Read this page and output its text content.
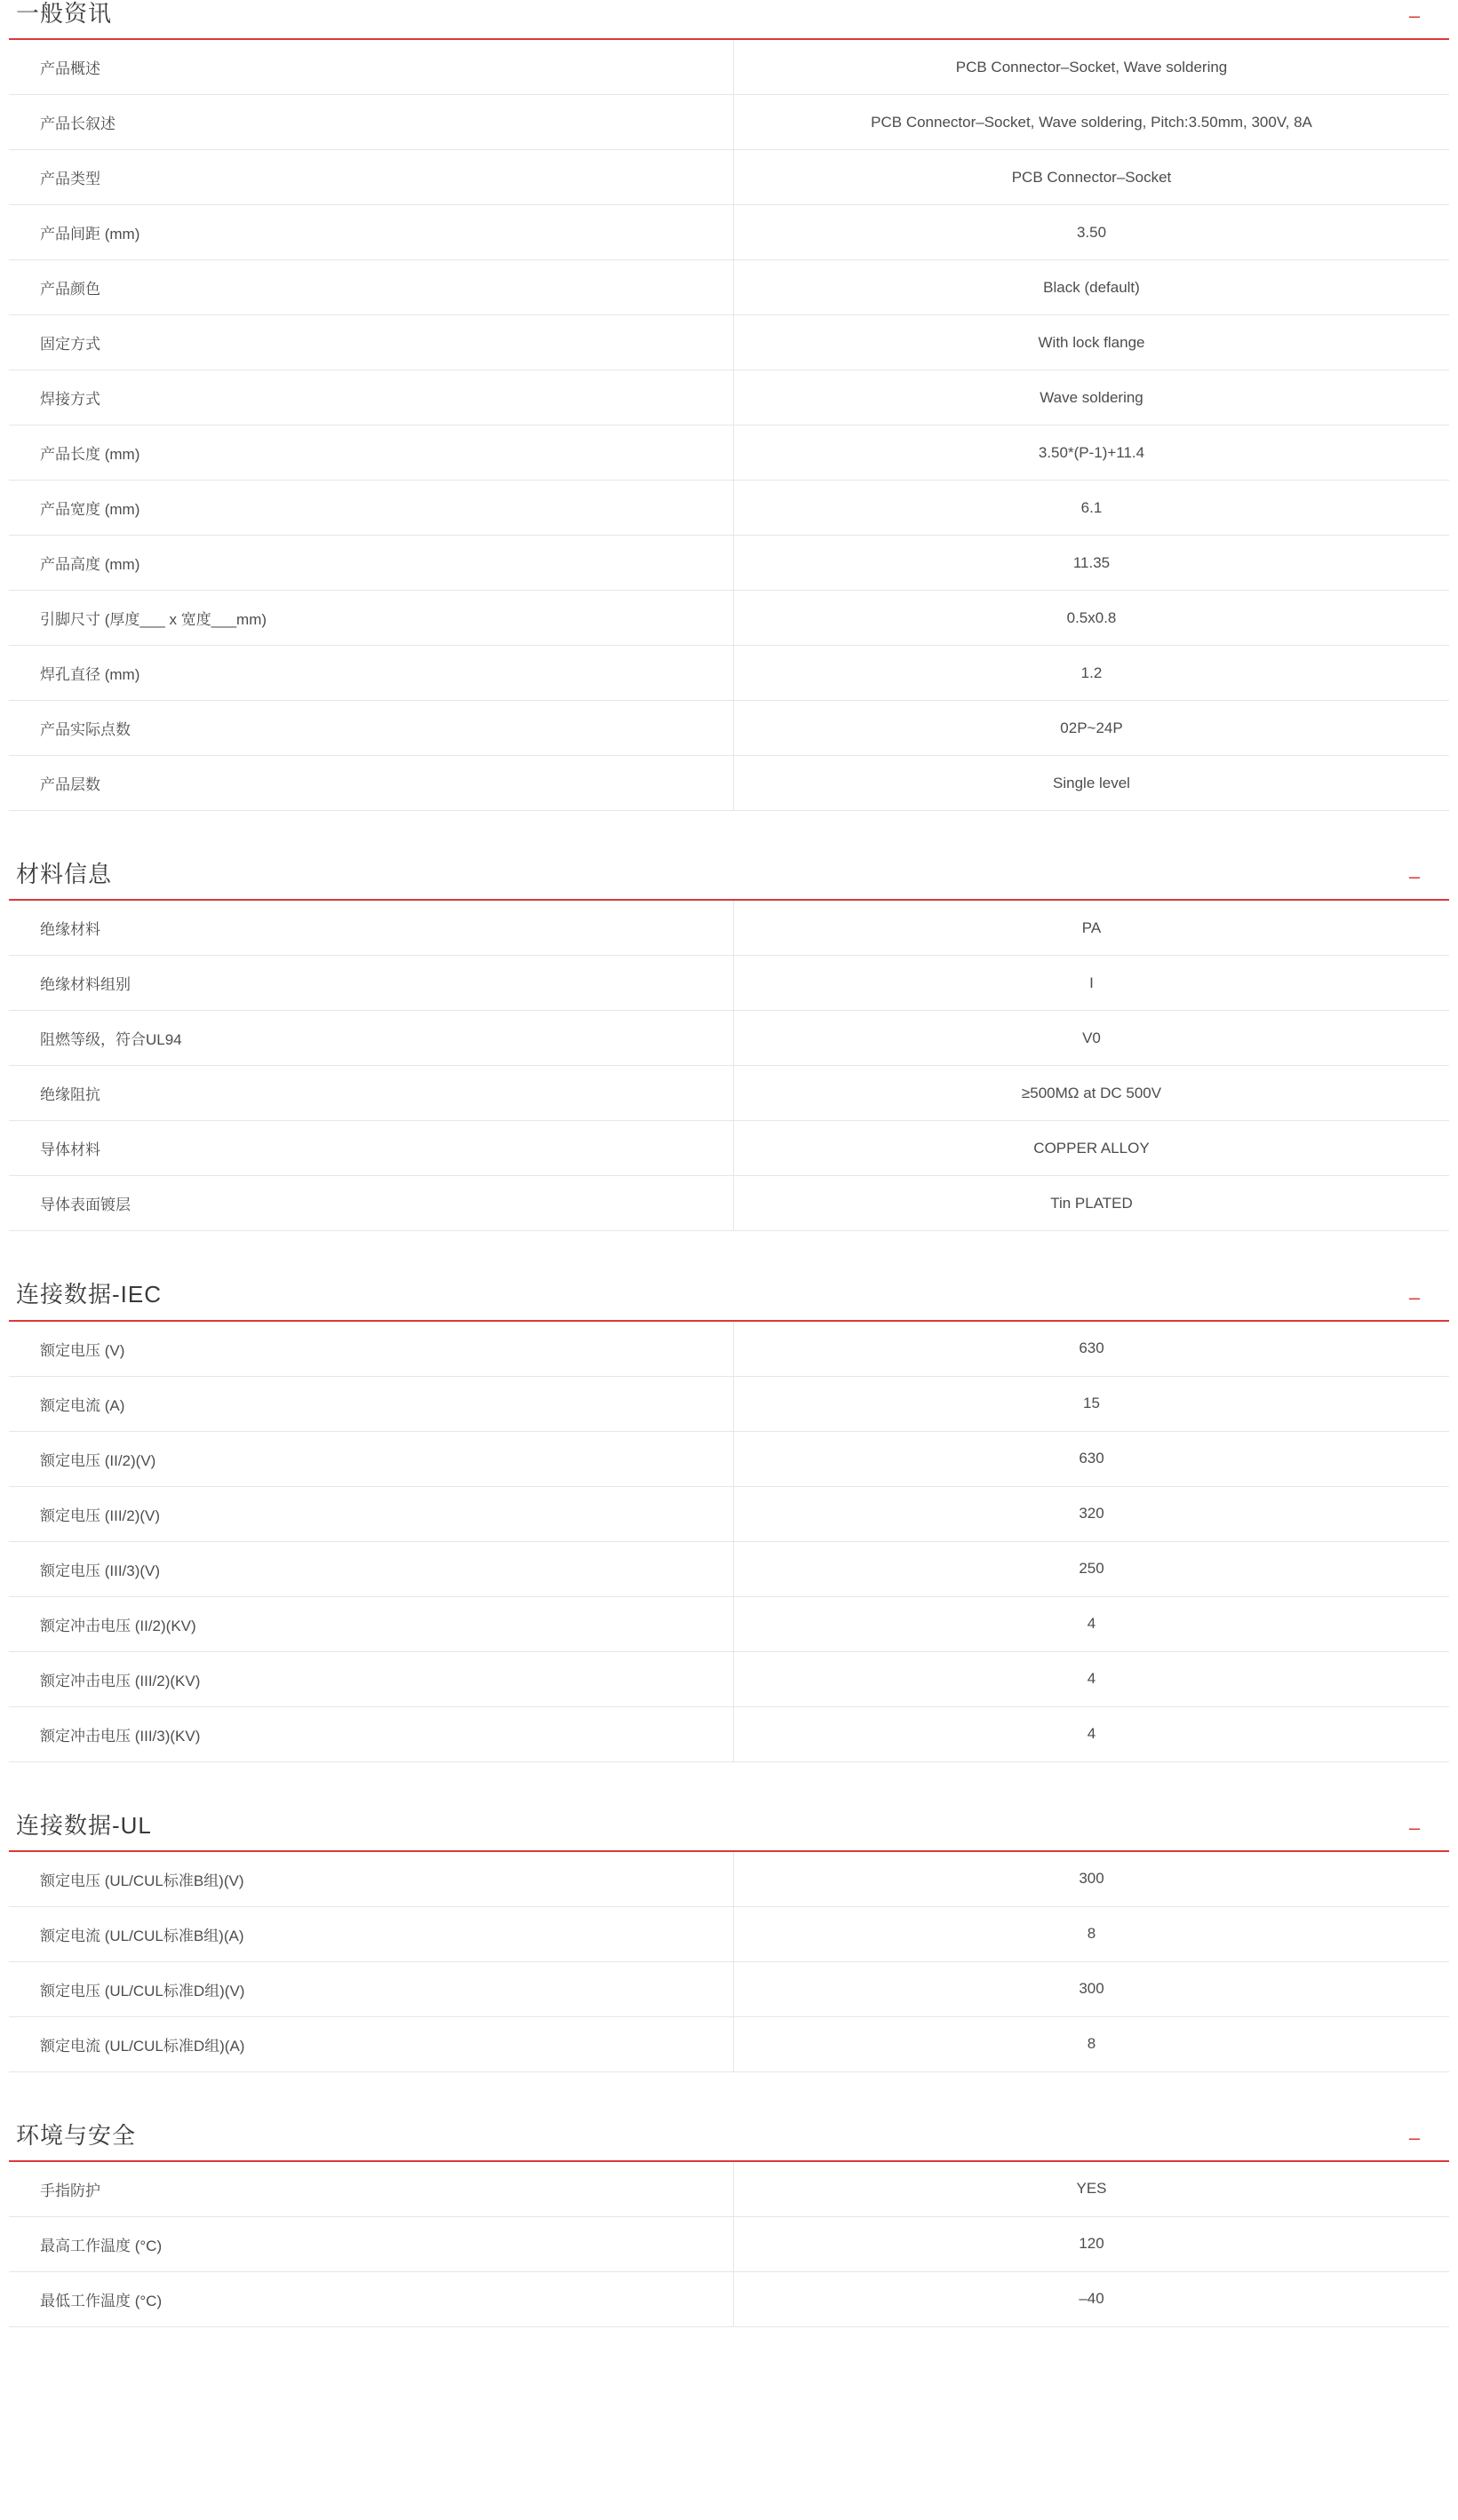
一般资讯	–
产品概述	PCB Connector–Socket, Wave soldering
产品长叙述	PCB Connector–Socket, Wave soldering, Pitch:3.50mm, 300V, 8A
产品类型	PCB Connector–Socket
产品间距 (mm)	3.50
产品颜色	Black (default)
固定方式	With lock flange
焊接方式	Wave soldering
产品长度 (mm)	3.50*(P-1)+11.4
产品宽度 (mm)	6.1
产品高度 (mm)	11.35
引脚尺寸 (厚度___ x 宽度___mm)	0.5x0.8
焊孔直径 (mm)	1.2
产品实际点数	02P~24P
产品层数	Single level
材料信息	–
绝缘材料	PA
绝缘材料组别	I
阻燃等级，符合UL94	V0
绝缘阻抗	≥500MΩ at DC 500V
导体材料	COPPER ALLOY
导体表面镀层	Tin PLATED
连接数据-IEC	–
额定电压 (V)	630
额定电流 (A)	15
额定电压 (II/2)(V)	630
额定电压 (III/2)(V)	320
额定电压 (III/3)(V)	250
额定冲击电压 (II/2)(KV)	4
额定冲击电压 (III/2)(KV)	4
额定冲击电压 (III/3)(KV)	4
连接数据-UL	–
额定电压 (UL/CUL标准B组)(V)	300
额定电流 (UL/CUL标准B组)(A)	8
额定电压 (UL/CUL标准D组)(V)	300
额定电流 (UL/CUL标准D组)(A)	8
环境与安全	–
手指防护	YES
最高工作温度 (°C)	120
最低工作温度 (°C)	–40
